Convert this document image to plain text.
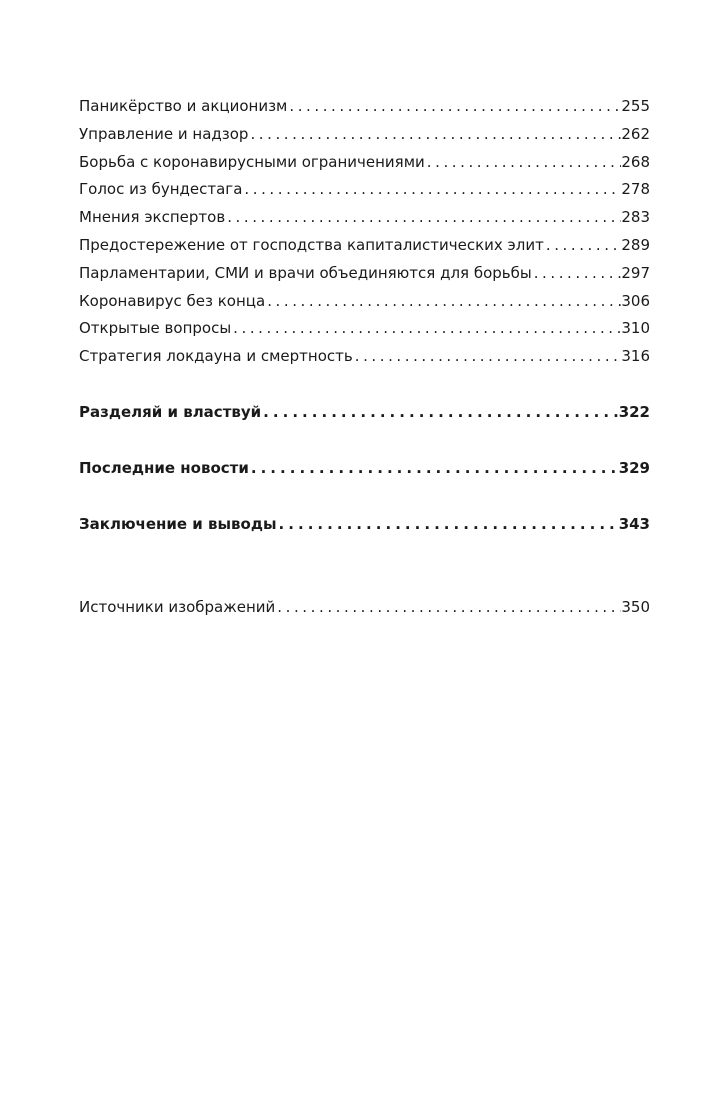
Паникёрство и акционизм . . .	255
Управление и надзор . . .	262
Борьба с коронавирусными ограничениями . . .	268
Голос из бундестага . . .	278
Мнения экспертов . . .	283
Предостережение от господства капиталистических элит . . .	289
Парламентарии, СМИ и врачи объединяются для борьбы . . .	297
Коронавирус без конца . . .	306
Открытые вопросы . . .	310
Стратегия локдауна и смертность . . .	316
Разделяй и властвуй . . .	322
Последние новости . . .	329
Заключение и выводы . . .	343
Источники изображений . . .	350
